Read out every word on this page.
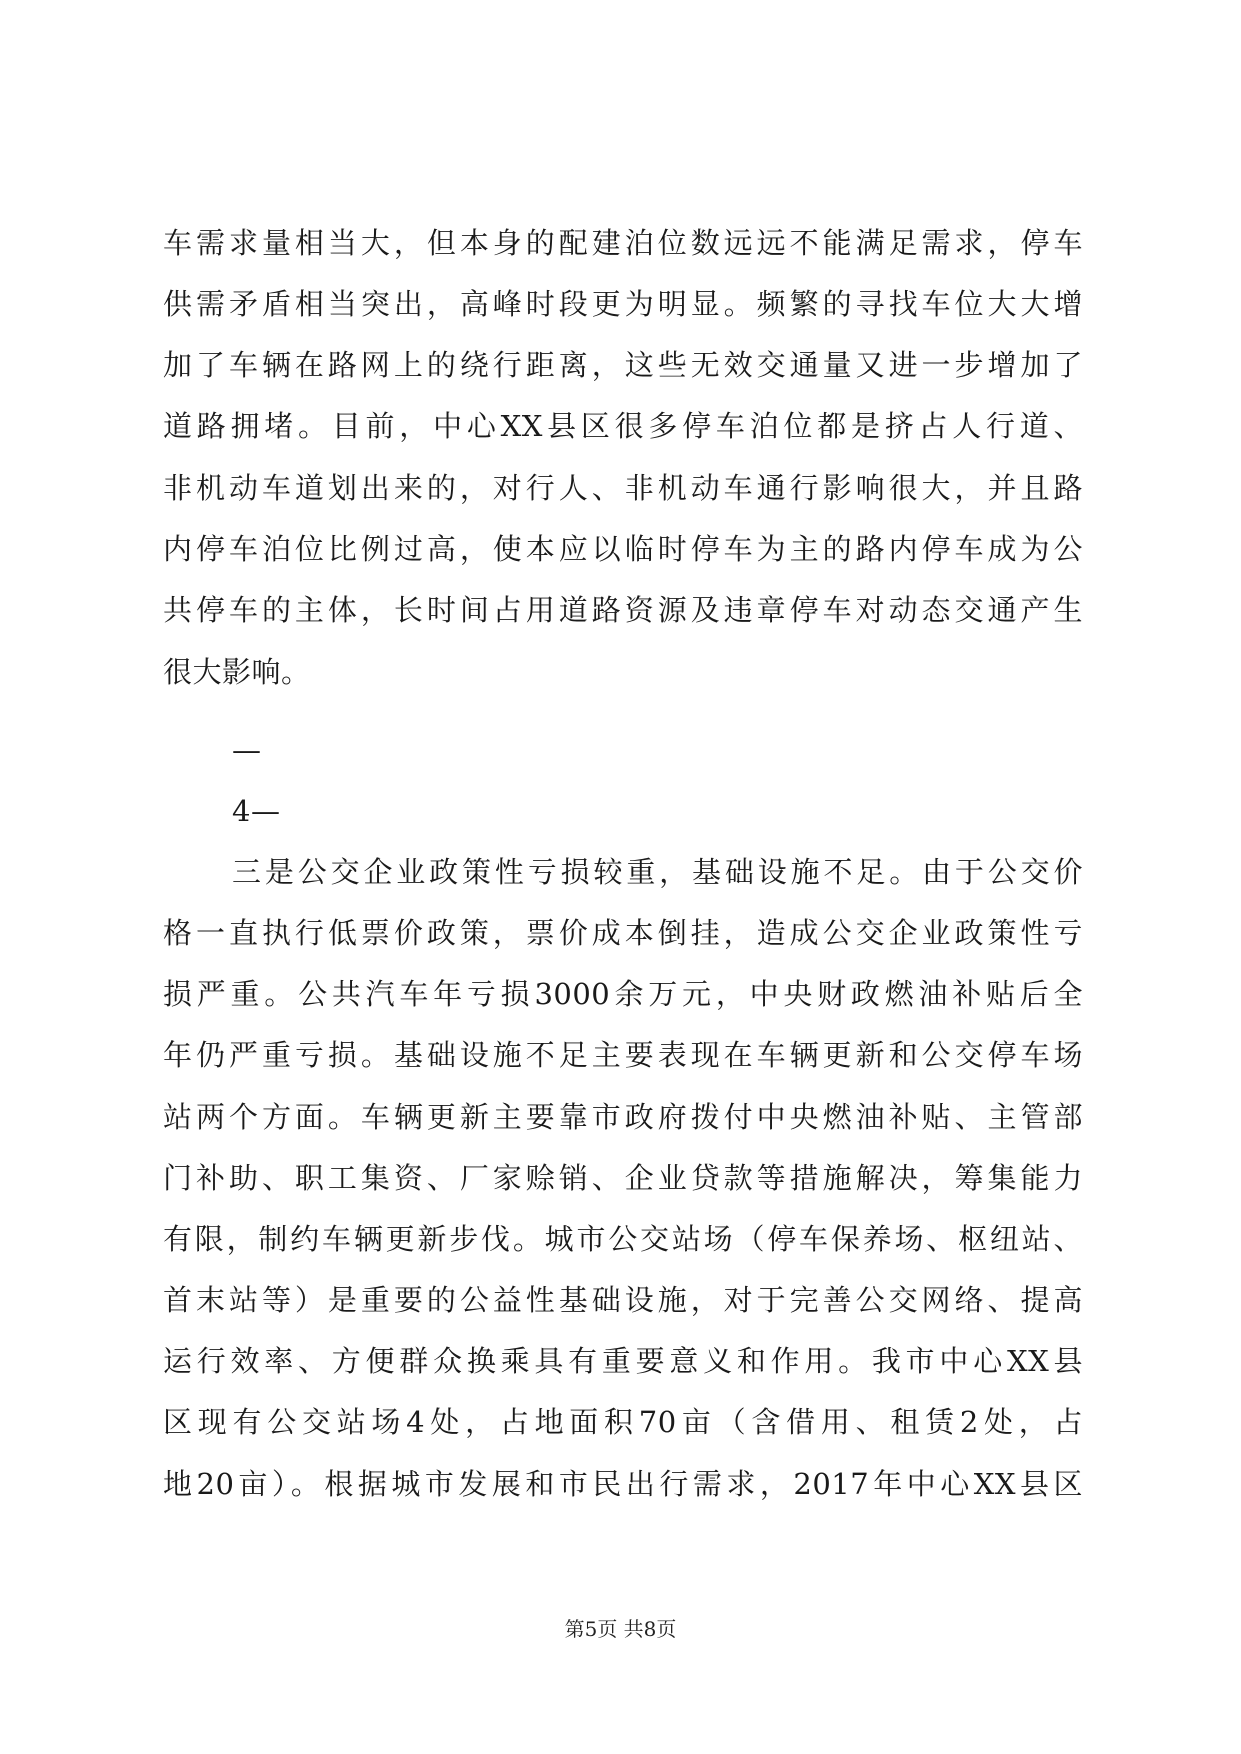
车需求量相当大，但本身的配建泊位数远远不能满足需求，停车
供需矛盾相当突出，高峰时段更为明显。频繁的寻找车位大大增
加了车辆在路网上的绕行距离，这些无效交通量又进一步增加了
道路拥堵。目前，中心XX县区很多停车泊位都是挤占人行道、
非机动车道划出来的，对行人、非机动车通行影响很大，并且路
内停车泊位比例过高，使本应以临时停车为主的路内停车成为公
共停车的主体，长时间占用道路资源及违章停车对动态交通产生
很大影响。
—
4—
三是公交企业政策性亏损较重，基础设施不足。由于公交价
格一直执行低票价政策，票价成本倒挂，造成公交企业政策性亏
损严重。公共汽车年亏损3000余万元，中央财政燃油补贴后全
年仍严重亏损。基础设施不足主要表现在车辆更新和公交停车场
站两个方面。车辆更新主要靠市政府拨付中央燃油补贴、主管部
门补助、职工集资、厂家赊销、企业贷款等措施解决，筹集能力
有限，制约车辆更新步伐。城市公交站场（停车保养场、枢纽站、
首末站等）是重要的公益性基础设施，对于完善公交网络、提高
运行效率、方便群众换乘具有重要意义和作用。我市中心XX县
区现有公交站场4处，占地面积70亩（含借用、租赁2处，占
地20亩）。根据城市发展和市民出行需求，2017年中心XX县区
第5页 共8页
